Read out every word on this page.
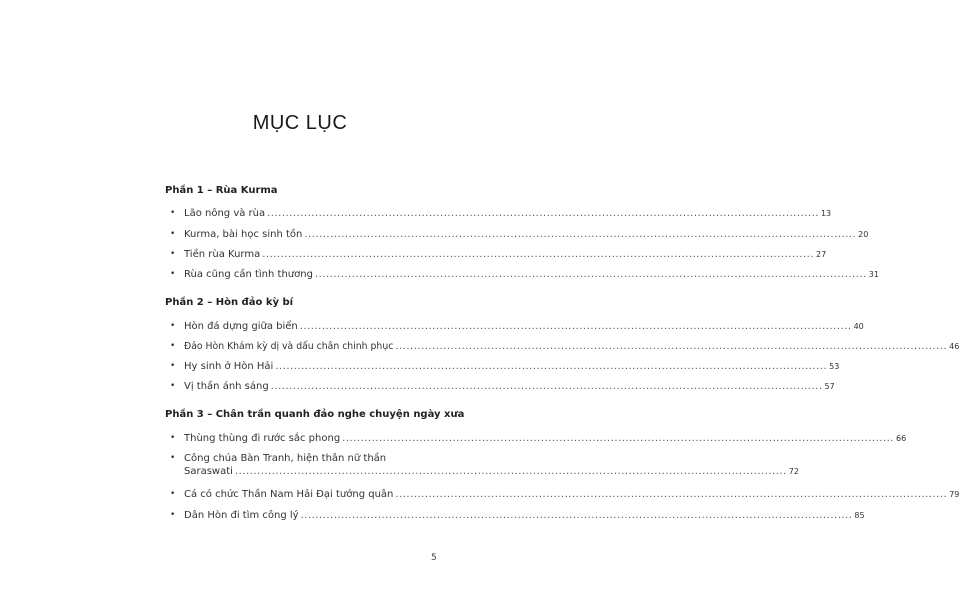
MỤC LỤC
Phần 1 – Rùa Kurma
• Lão nông và rùa .....	13
• Kurma, bài học sinh tồn .....	20
• Tiền rùa Kurma .....	27
• Rùa cũng cần tình thương .....	31
Phần 2 – Hòn đảo kỳ bí
• Hòn đá dựng giữa biển .....	40
• Đảo Hòn Khám kỳ dị và dấu chân chinh phục .....	46
• Hy sinh ở Hòn Hải .....	53
• Vị thần ánh sáng .....	57
Phần 3 – Chân trần quanh đảo nghe chuyện ngày xưa
• Thùng thùng đi rước sắc phong .....	66
• Công chúa Bàn Tranh, hiện thân nữ thần
Saraswati .....	72
• Cá có chức Thần Nam Hải Đại tướng quân .....	79
• Dân Hòn đi tìm công lý .....	85
5
